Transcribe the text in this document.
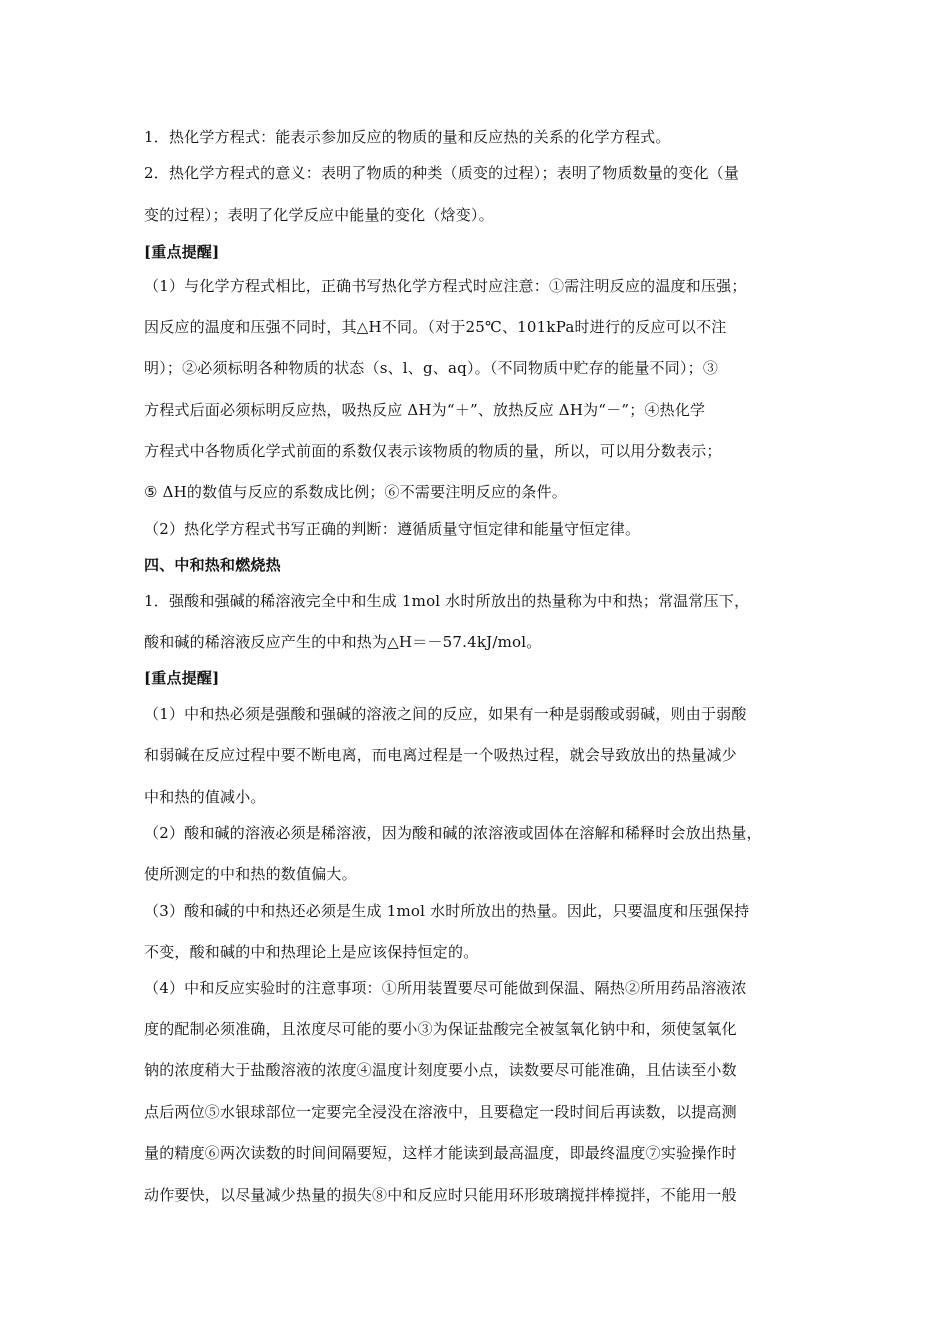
1．热化学方程式：能表示参加反应的物质的量和反应热的关系的化学方程式。
2．热化学方程式的意义：表明了物质的种类（质变的过程）；表明了物质数量的变化（量
变的过程）；表明了化学反应中能量的变化（焓变）。
[重点提醒]
（1）与化学方程式相比，正确书写热化学方程式时应注意：①需注明反应的温度和压强；
因反应的温度和压强不同时，其△H不同。（对于25℃、101kPa时进行的反应可以不注
明）；②必须标明各种物质的状态（s、l、g、aq）。（不同物质中贮存的能量不同）；③
方程式后面必须标明反应热，吸热反应 ΔH为“＋”、放热反应 ΔH为“－”；④热化学
方程式中各物质化学式前面的系数仅表示该物质的物质的量，所以，可以用分数表示；
⑤ ΔH的数值与反应的系数成比例；⑥不需要注明反应的条件。
（2）热化学方程式书写正确的判断：遵循质量守恒定律和能量守恒定律。
四、中和热和燃烧热
1．强酸和强碱的稀溶液完全中和生成 1mol 水时所放出的热量称为中和热；常温常压下，
酸和碱的稀溶液反应产生的中和热为△H＝－57.4kJ/mol。
[重点提醒]
（1）中和热必须是强酸和强碱的溶液之间的反应，如果有一种是弱酸或弱碱，则由于弱酸
和弱碱在反应过程中要不断电离，而电离过程是一个吸热过程，就会导致放出的热量减少
中和热的值减小。
（2）酸和碱的溶液必须是稀溶液，因为酸和碱的浓溶液或固体在溶解和稀释时会放出热量，
使所测定的中和热的数值偏大。
（3）酸和碱的中和热还必须是生成 1mol 水时所放出的热量。因此，只要温度和压强保持
不变，酸和碱的中和热理论上是应该保持恒定的。
（4）中和反应实验时的注意事项：①所用装置要尽可能做到保温、隔热②所用药品溶液浓
度的配制必须准确，且浓度尽可能的要小③为保证盐酸完全被氢氧化钠中和，须使氢氧化
钠的浓度稍大于盐酸溶液的浓度④温度计刻度要小点，读数要尽可能准确，且估读至小数
点后两位⑤水银球部位一定要完全浸没在溶液中，且要稳定一段时间后再读数，以提高测
量的精度⑥两次读数的时间间隔要短，这样才能读到最高温度，即最终温度⑦实验操作时
动作要快，以尽量减少热量的损失⑧中和反应时只能用环形玻璃搅拌棒搅拌，不能用一般
